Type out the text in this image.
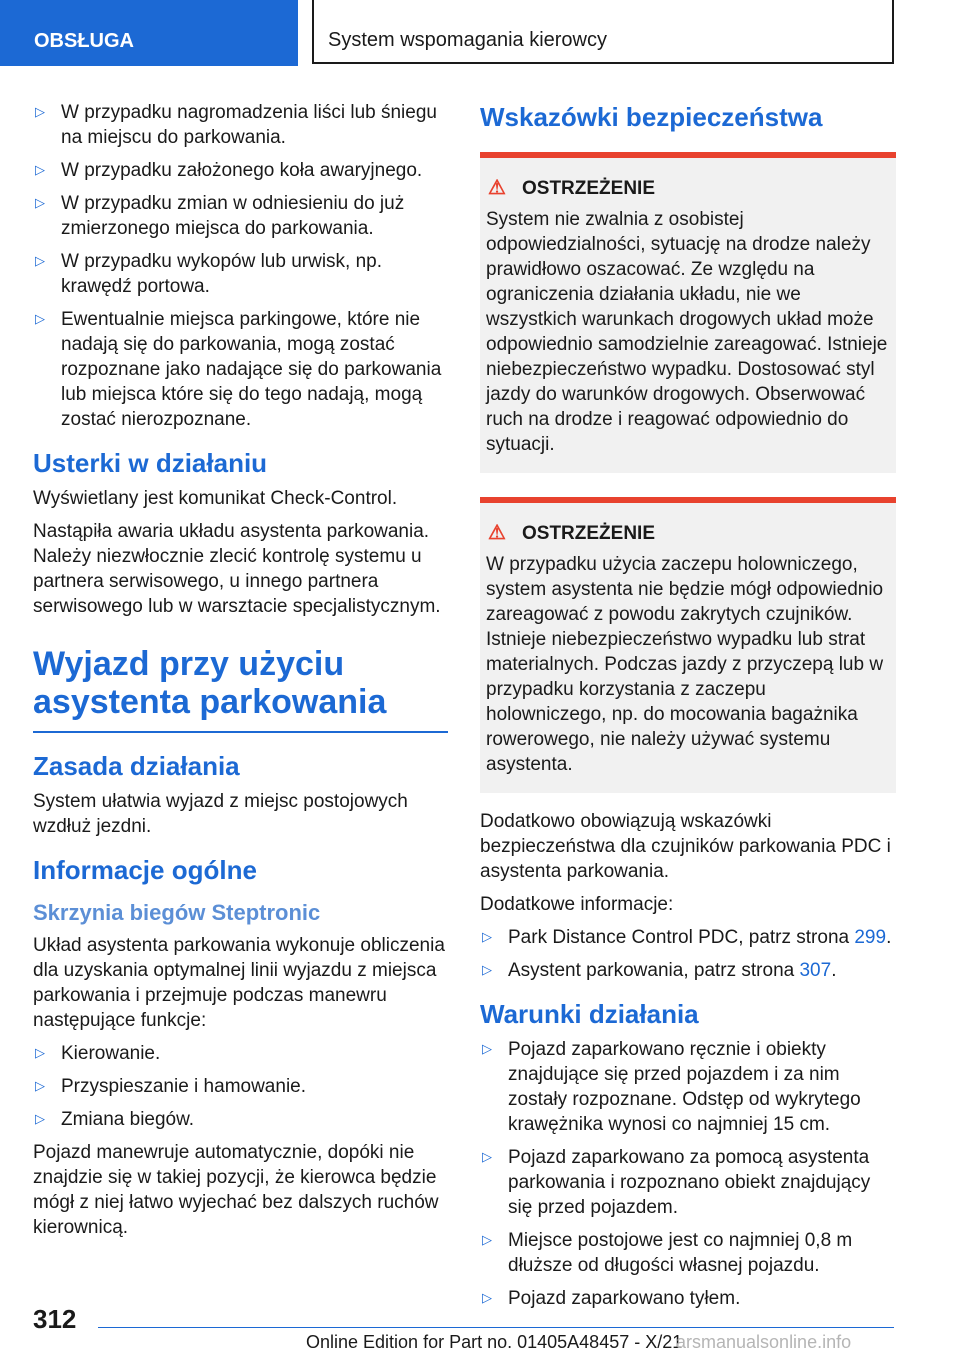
OBSŁUGA	System wspomagania kierowcy
▷ W przypadku nagromadzenia liści lub śniegu na miejscu do parkowania.
▷ W przypadku założonego koła awaryjnego.
▷ W przypadku zmian w odniesieniu do już zmierzonego miejsca do parkowania.
▷ W przypadku wykopów lub urwisk, np. krawędź portowa.
▷ Ewentualnie miejsca parkingowe, które nie nadają się do parkowania, mogą zostać rozpoznane jako nadające się do parkowania lub miejsca które się do tego nadają, mogą zostać nierozpoznane.
Usterki w działaniu

Wyświetlany jest komunikat Check-Control.

Nastąpiła awaria układu asystenta parkowania. Należy niezwłocznie zlecić kontrolę systemu u partnera serwisowego, u innego partnera serwisowego lub w warsztacie specjalistycznym.

Wyjazd przy użyciu asystenta parkowania
Zasada działania

System ułatwia wyjazd z miejsc postojowych wzdłuż jezdni.

Informacje ogólne
Skrzynia biegów Steptronic

Układ asystenta parkowania wykonuje obliczenia dla uzyskania optymalnej linii wyjazdu z miejsca parkowania i przejmuje podczas manewru następujące funkcje:

▷ Kierowanie.
▷ Przyspieszanie i hamowanie.
▷ Zmiana biegów.

Pojazd manewruje automatycznie, dopóki nie znajdzie się w takiej pozycji, że kierowca będzie mógł z niej łatwo wyjechać bez dalszych ruchów kierownicą.

Wskazówki bezpieczeństwa
⚠ OSTRZEŻENIE

System nie zwalnia z osobistej odpowiedzialności, sytuację na drodze należy prawidłowo oszacować. Ze względu na ograniczenia działania układu, nie we wszystkich warunkach drogowych układ może odpowiednio samodzielnie zareagować. Istnieje niebezpieczeństwo wypadku. Dostosować styl jazdy do warunków drogowych. Obserwować ruch na drodze i reagować odpowiednio do sytuacji.

⚠ OSTRZEŻENIE

W przypadku użycia zaczepu holowniczego, system asystenta nie będzie mógł odpowiednio zareagować z powodu zakrytych czujników. Istnieje niebezpieczeństwo wypadku lub strat materialnych. Podczas jazdy z przyczepą lub w przypadku korzystania z zaczepu holowniczego, np. do mocowania bagażnika rowerowego, nie należy używać systemu asystenta.

Dodatkowo obowiązują wskazówki bezpieczeństwa dla czujników parkowania PDC i asystenta parkowania.

Dodatkowe informacje:

▷ Park Distance Control PDC, patrz strona 299.
▷ Asystent parkowania, patrz strona 307.
Warunki działania
▷ Pojazd zaparkowano ręcznie i obiekty znajdujące się przed pojazdem i za nim zostały rozpoznane. Odstęp od wykrytego krawężnika wynosi co najmniej 15 cm.
▷ Pojazd zaparkowano za pomocą asystenta parkowania i rozpoznano obiekt znajdujący się przed pojazdem.
▷ Miejsce postojowe jest co najmniej 0,8 m dłuższe od długości własnej pojazdu.
▷ Pojazd zaparkowano tyłem.
312
Online Edition for Part no. 01405A48457 - X/21
arsmanualsonline.info
